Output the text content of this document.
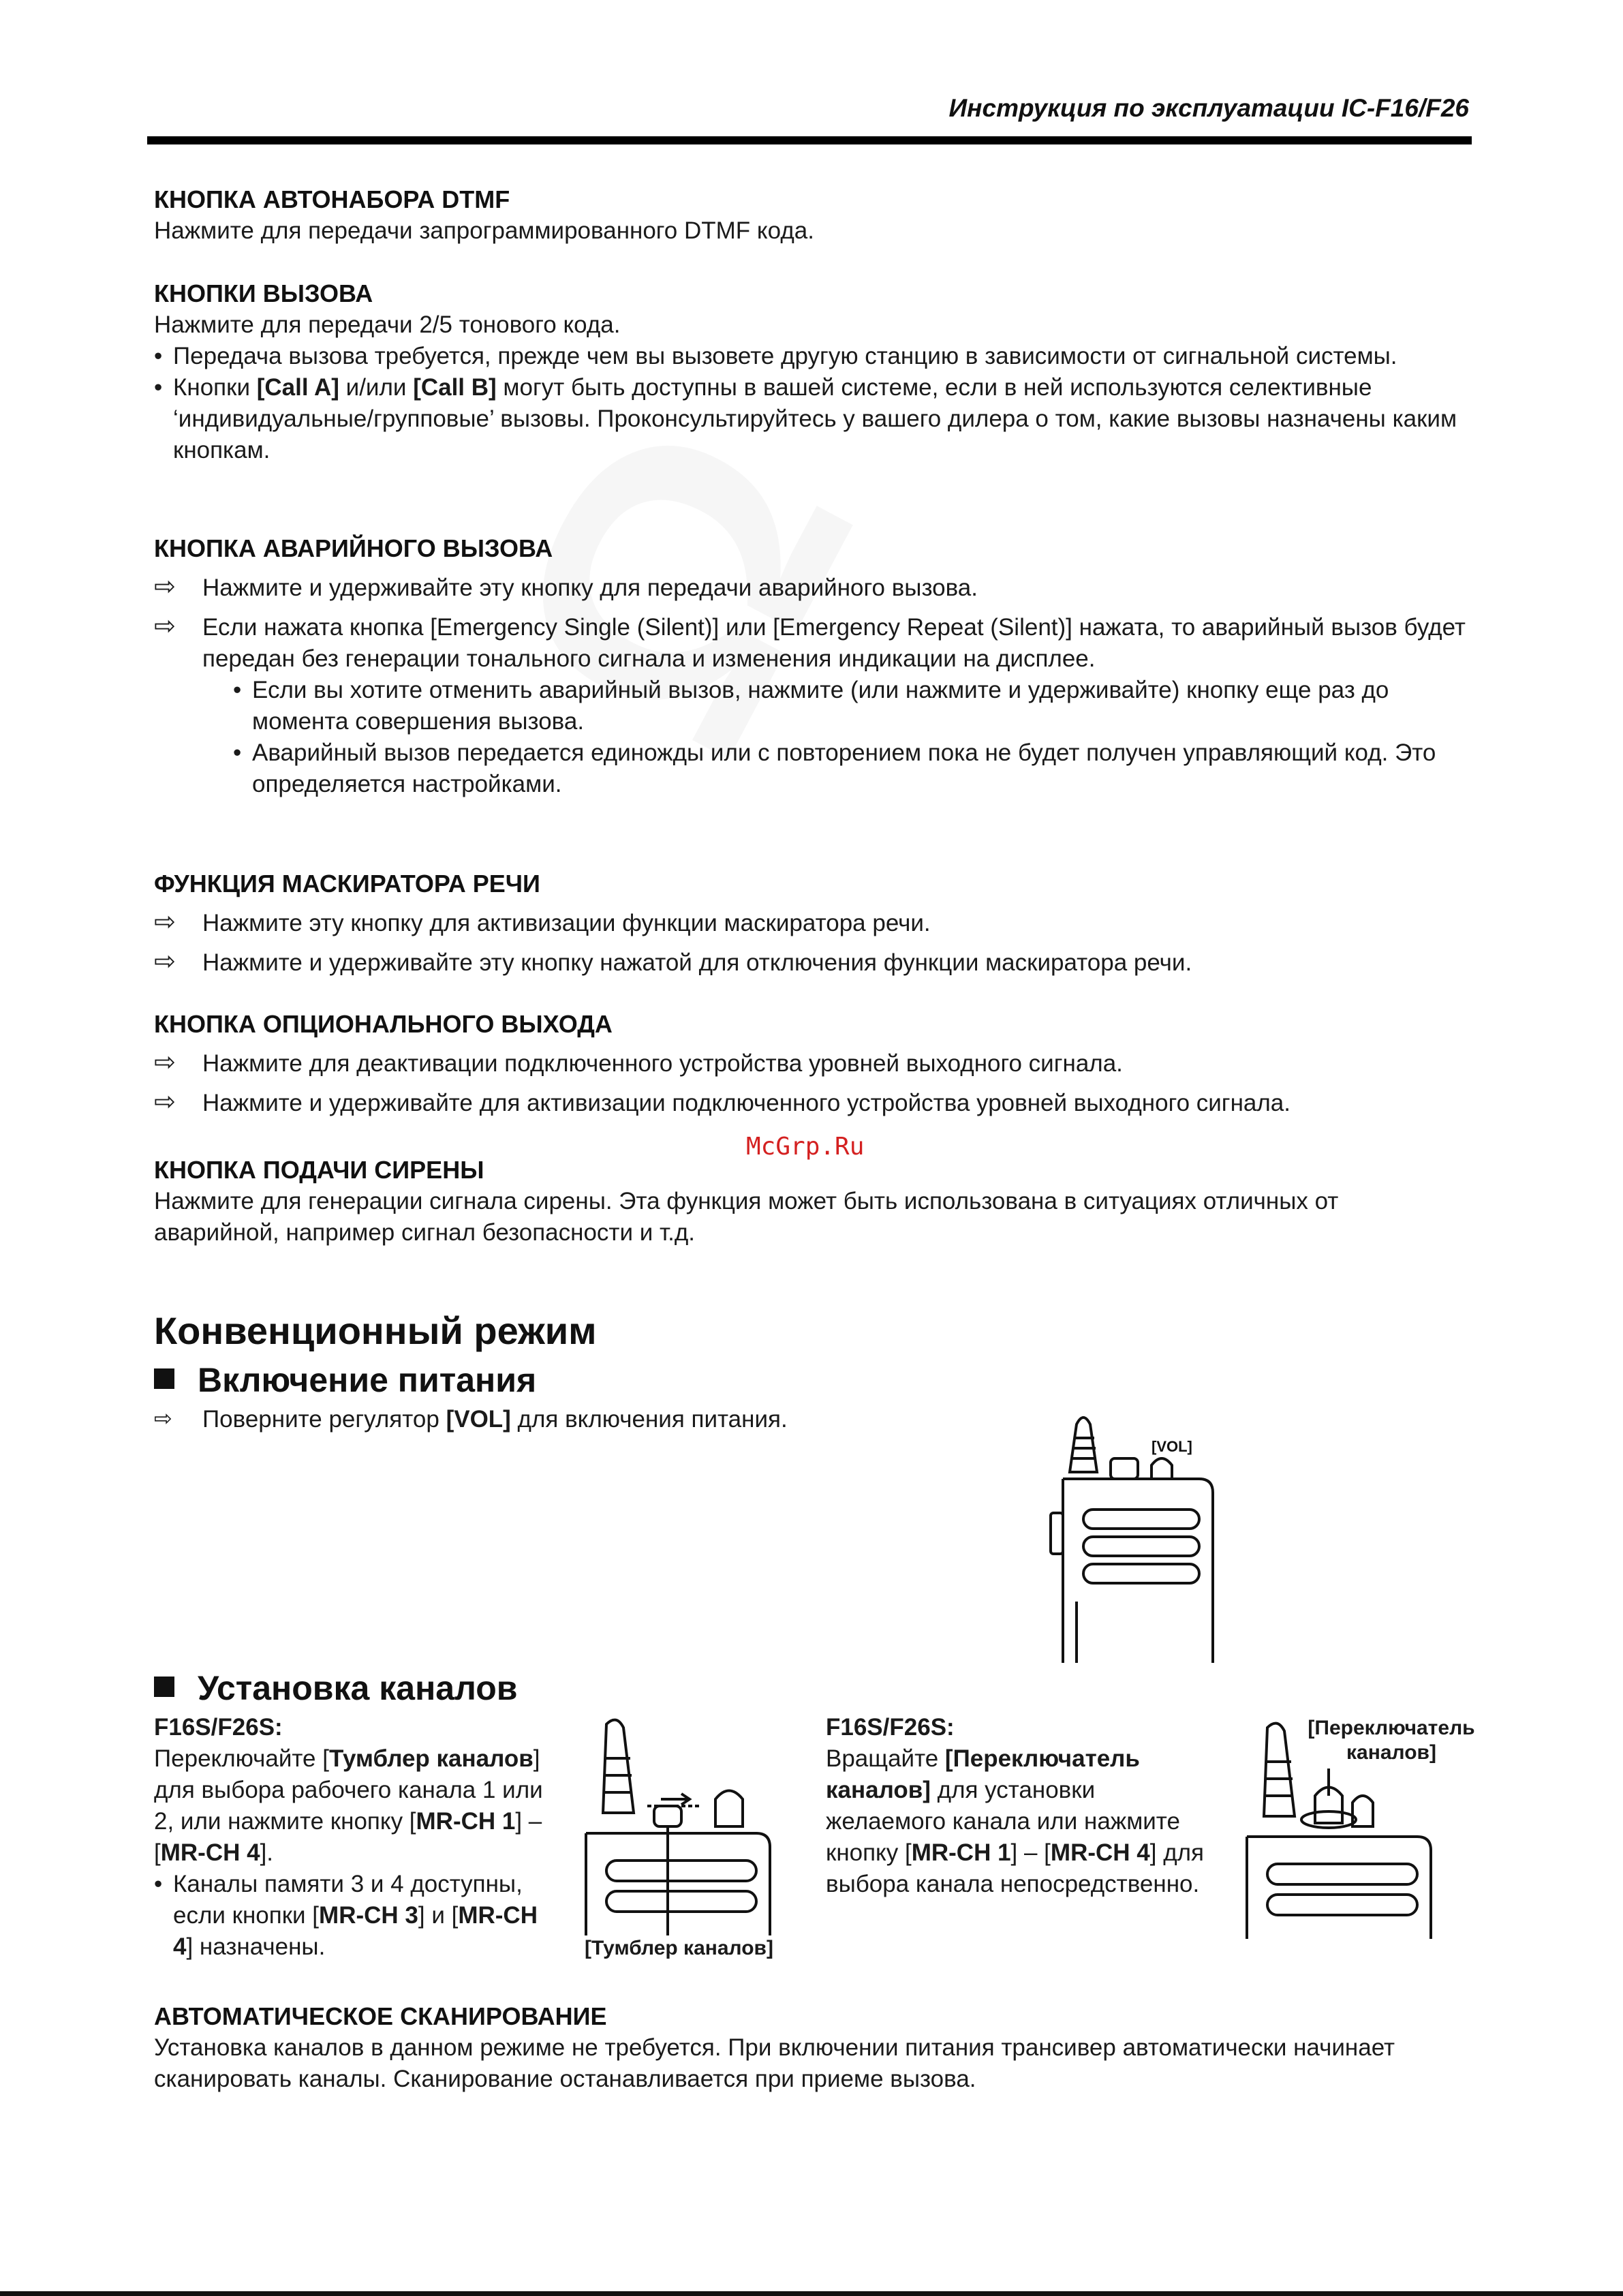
Инструкция по эксплуатации IC-F16/F26
КНОПКА АВТОНАБОРА DTMF
Нажмите для передачи запрограммированного DTMF кода.
КНОПКИ ВЫЗОВА
Нажмите для передачи 2/5 тонового кода.
• Передача вызова требуется, прежде чем вы вызовете другую станцию в зависимости от сигнальной системы.
• Кнопки [Call A] и/или [Call B] могут быть доступны в вашей системе, если в ней используются селективные ‘индивидуальные/групповые’ вызовы. Проконсультируйтесь у вашего дилера о том, какие вызовы назначены каким кнопкам.
КНОПКА АВАРИЙНОГО ВЫЗОВА
⇨ Нажмите и удерживайте эту кнопку для передачи аварийного вызова.
⇨ Если нажата кнопка [Emergency Single (Silent)] или [Emergency Repeat (Silent)] нажата, то аварийный вызов будет передан без генерации тонального сигнала и изменения индикации на дисплее.
• Если вы хотите отменить аварийный вызов, нажмите (или нажмите и удерживайте) кнопку еще раз до момента совершения вызова.
• Аварийный вызов передается единожды или с повторением пока не будет получен управляющий код. Это определяется настройками.
ФУНКЦИЯ МАСКИРАТОРА РЕЧИ
⇨ Нажмите эту кнопку для активизации функции маскиратора речи.
⇨ Нажмите и удерживайте эту кнопку нажатой для отключения функции маскиратора речи.
КНОПКА ОПЦИОНАЛЬНОГО ВЫХОДА
⇨ Нажмите для деактивации подключенного устройства уровней выходного сигнала.
⇨ Нажмите и удерживайте для активизации подключенного устройства уровней выходного сигнала.
McGrp.Ru
КНОПКА ПОДАЧИ СИРЕНЫ
Нажмите для генерации сигнала сирены. Эта функция может быть использована в ситуациях отличных от аварийной, например сигнал безопасности и т.д.
Конвенционный режим
Включение питания
⇨ Поверните регулятор [VOL] для включения питания.
[VOL]
Установка каналов
F16S/F26S:
Переключайте [Тумблер каналов] для выбора рабочего канала 1 или 2, или нажмите кнопку [MR-CH 1] – [MR-CH 4].
• Каналы памяти 3 и 4 доступны, если кнопки [MR-CH 3] и [MR-CH 4] назначены.	[Тумблер каналов]
F16S/F26S:
Вращайте [Переключатель каналов] для установки желаемого канала или нажмите кнопку [MR-CH 1] – [MR-CH 4] для выбора канала непосредственно.
[Переключатель каналов]
АВТОМАТИЧЕСКОЕ СКАНИРОВАНИЕ
Установка каналов в данном режиме не требуется. При включении питания трансивер автоматически начинает сканировать каналы. Сканирование останавливается при приеме вызова.
